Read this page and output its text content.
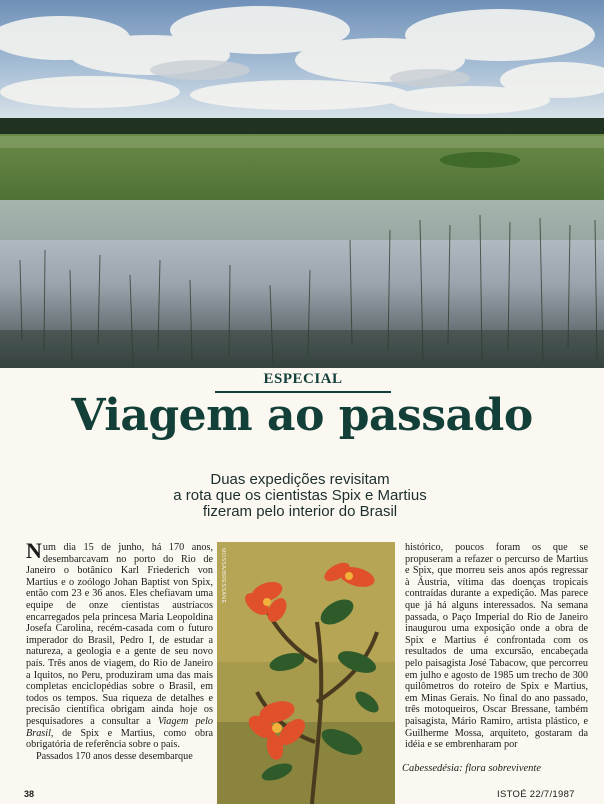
ESPECIAL
Viagem ao passado
Duas expedições revisitam
a rota que os cientistas Spix e Martius
fizeram pelo interior do Brasil

Num dia 15 de junho, há 170 anos, desembarcavam no porto do Rio de Janeiro o botânico Karl Friederich von Martius e o zoólogo Johan Baptist von Spix, então com 23 e 36 anos. Eles chefiavam uma equipe de onze cientistas austríacos encarregados pela princesa Maria Leopoldina Josefa Carolina, recém-casada com o futuro imperador do Brasil, Pedro I, de estudar a natureza, a geologia e a gente de seu novo país. Três anos de viagem, do Rio de Janeiro a Iquitos, no Peru, produziram uma das mais completas enciclopédias sobre o Brasil, em todos os tempos. Sua riqueza de detalhes e precisão científica obrigam ainda hoje os pesquisadores a consultar a Viagem pelo Brasil, de Spix e Martius, como obra obrigatória de referência sobre o país.

Passados 170 anos desse desembarque

MOSSA/BRESSANE

histórico, poucos foram os que se propuseram a refazer o percurso de Martius e Spix, que morreu seis anos após regressar à Áustria, vítima das doenças tropicais contraídas durante a expedição. Mas parece que já há alguns interessados. Na semana passada, o Paço Imperial do Rio de Janeiro inaugurou uma exposição onde a obra de Spix e Martius é confrontada com os resultados de uma excursão, encabeçada pelo paisagista José Tabacow, que percorreu em julho e agosto de 1985 um trecho de 300 quilômetros do roteiro de Spix e Martius, em Minas Gerais. No final do ano passado, três motoqueiros, Oscar Bressane, também paisagista, Mário Ramiro, artista plástico, e Guilherme Mossa, arquiteto, gostaram da idéia e se embrenharam por

Cabessedésia: flora sobrevivente
38	ISTOÉ 22/7/1987
